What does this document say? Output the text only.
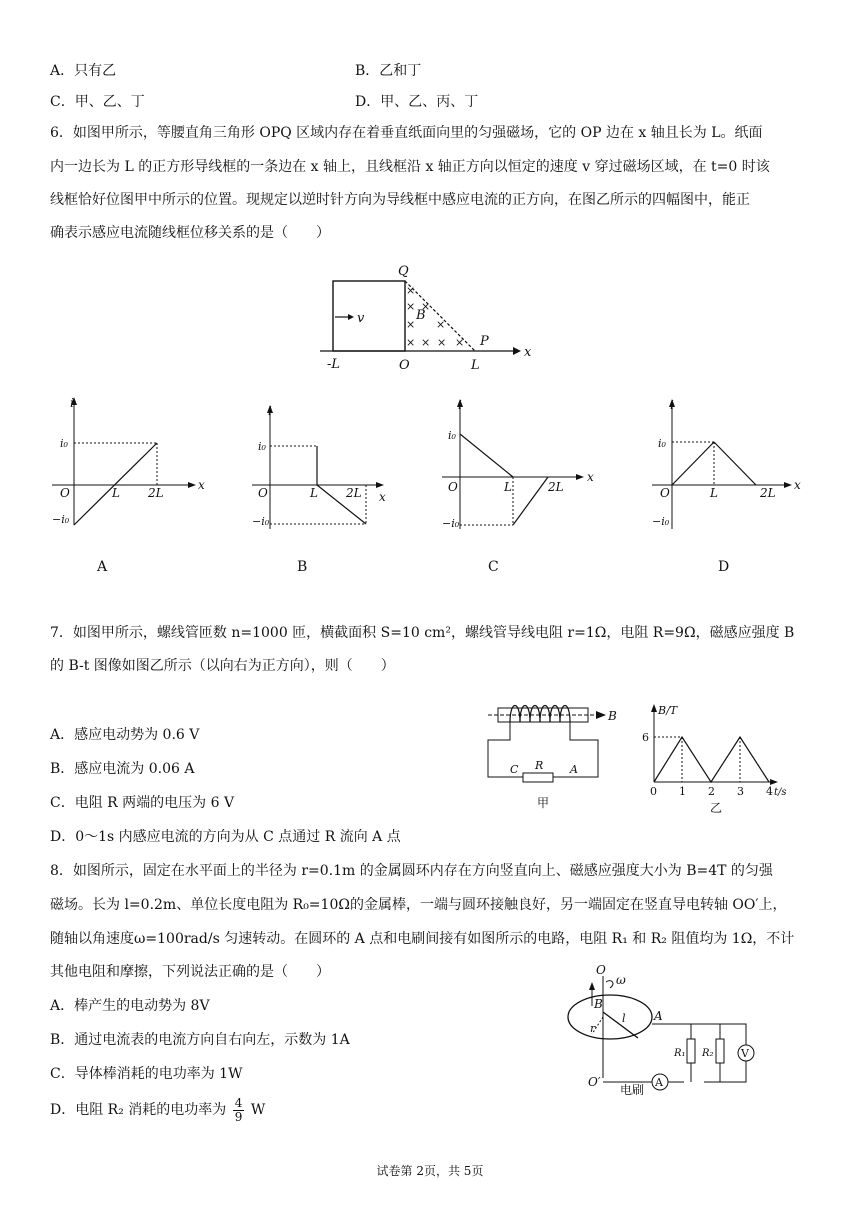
A．只有乙	B．乙和丁
C．甲、乙、丁	D．甲、乙、丙、丁
6．如图甲所示，等腰直角三角形 OPQ 区域内存在着垂直纸面向里的匀强磁场，它的 OP 边在 x 轴且长为 L。纸面
内一边长为 L 的正方形导线框的一条边在 x 轴上，且线框沿 x 轴正方向以恒定的速度 v 穿过磁场区域，在 t=0 时该
线框恰好位图甲中所示的位置。现规定以逆时针方向为导线框中感应电流的正方向，在图乙所示的四幅图中，能正
确表示感应电流随线框位移关系的是（　　）
v
×
× ×
× ×
× × × ×
B
Q
P
x
-L	O	L
i
i₀
−i₀
O	L 2L
x
i
i₀
−i₀
O	L 2L x
i
i₀
−i₀
O	L	2L
x
i
i₀
−i₀
O	L	2L
x
A	B	C	D
7．如图甲所示，螺线管匝数 n=1000 匝，横截面积 S=10 cm²，螺线管导线电阻 r=1Ω，电阻 R=9Ω，磁感应强度 B
的 B-t 图像如图乙所示（以向右为正方向），则（　　）
A．感应电动势为 0.6 V
B．感应电流为 0.06 A
C．电阻 R 两端的电压为 6 V
D．0～1s 内感应电流的方向为从 C 点通过 R 流向 A 点
B
C R A
甲
B/T
6
0 1 2 3 4 t/s
乙
8．如图所示，固定在水平面上的半径为 r=0.1m 的金属圆环内存在方向竖直向上、磁感应强度大小为 B=4T 的匀强
磁场。长为 l=0.2m、单位长度电阻为 R₀=10Ω的金属棒，一端与圆环接触良好，另一端固定在竖直导电转轴 OO′上，
随轴以角速度ω=100rad/s 匀速转动。在圆环的 A 点和电刷间接有如图所示的电路，电阻 R₁ 和 R₂ 阻值均为 1Ω，不计
其他电阻和摩擦，下列说法正确的是（　　）
A．棒产生的电动势为 8V
B．通过电流表的电流方向自右向左，示数为 1A
C．导体棒消耗的电功率为 1W
D．电阻 R₂ 消耗的电功率为 $\frac{4}{9}$ W
O
ω
B
r
l A
R₁ R₂ V
A
O′
电刷
试卷第 2页，共 5页
